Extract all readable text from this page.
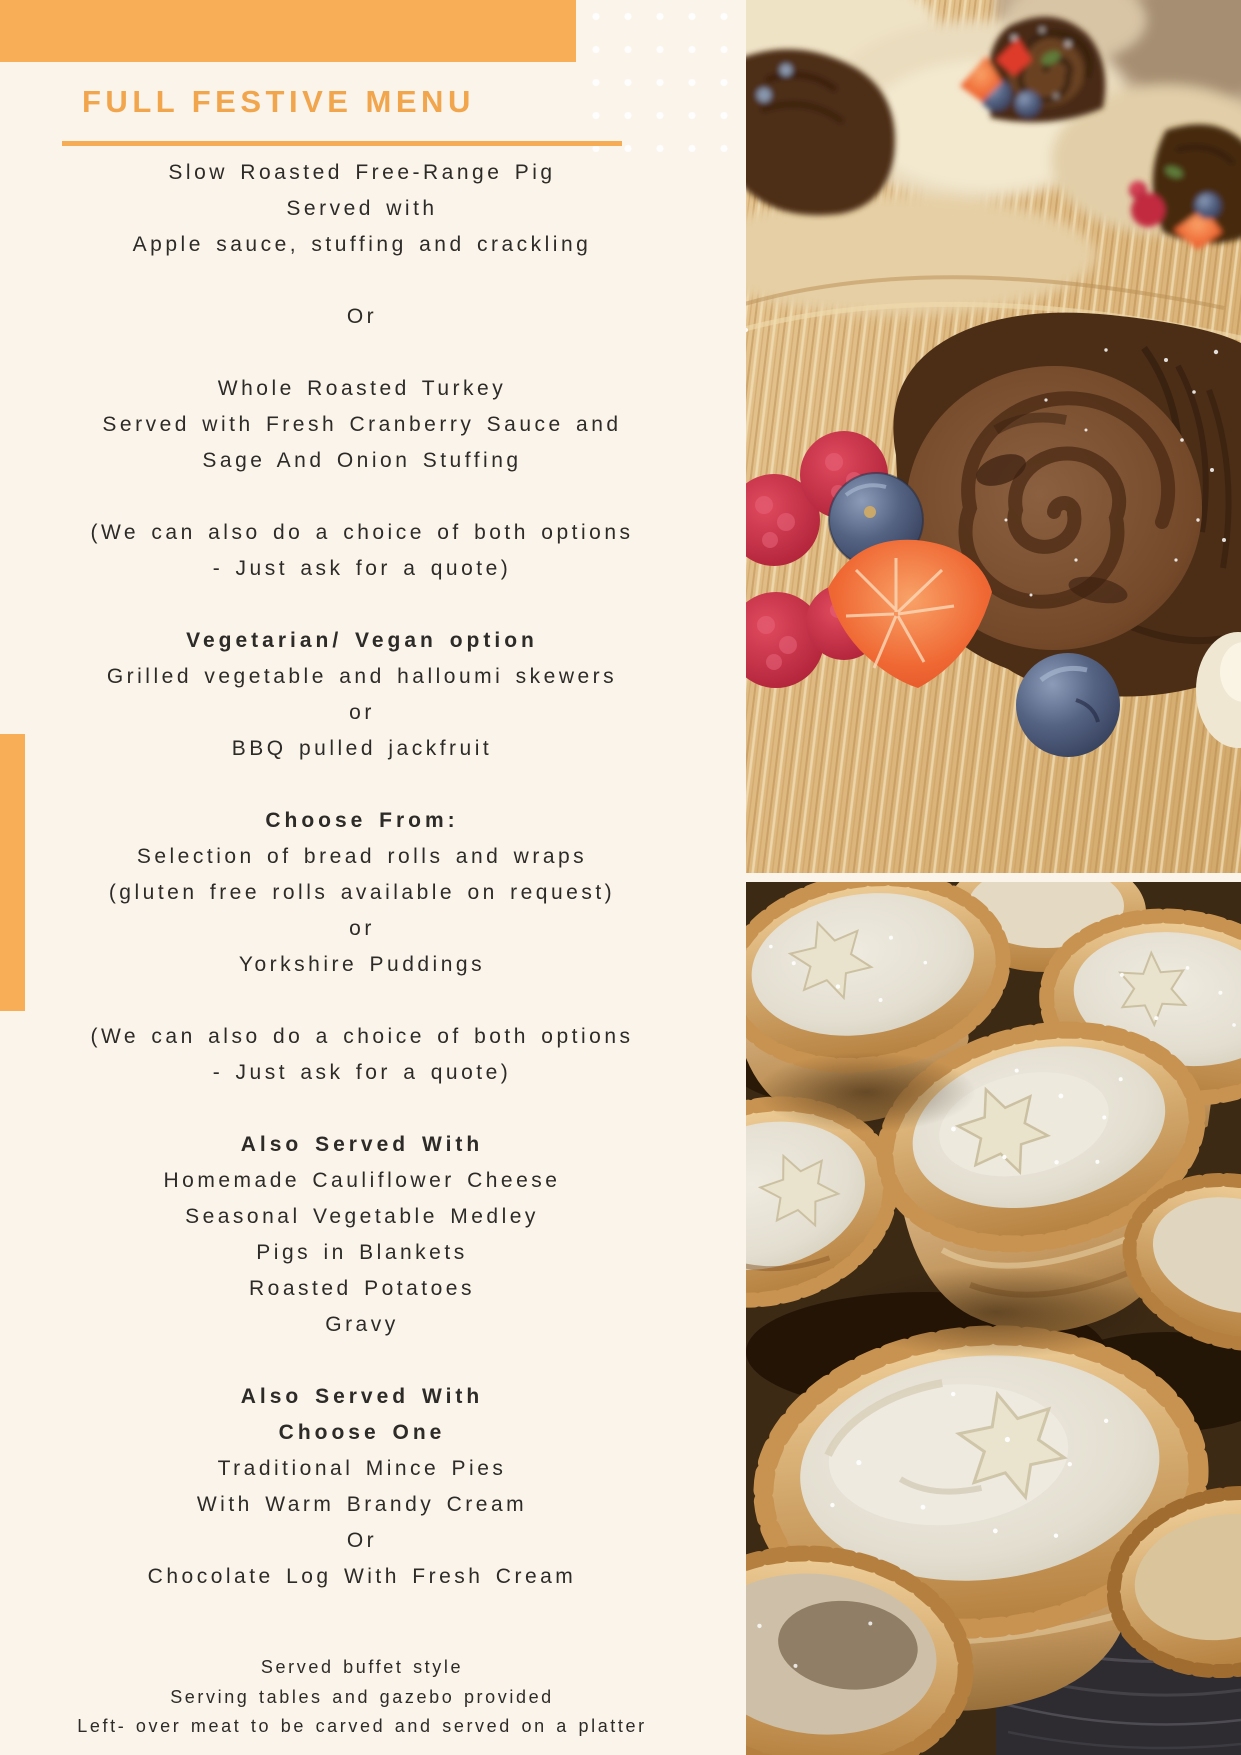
FULL FESTIVE MENU
Slow Roasted Free-Range Pig
Served with
Apple sauce, stuffing and crackling
Or
Whole Roasted Turkey
Served with Fresh Cranberry Sauce and
Sage And Onion Stuffing
(We can also do a choice of both options
- Just ask for a quote)
Vegetarian/ Vegan option
Grilled vegetable and halloumi skewers
or
BBQ pulled jackfruit
Choose From:
Selection of bread rolls and wraps
(gluten free rolls available on request)
or
Yorkshire Puddings
(We can also do a choice of both options
- Just ask for a quote)
Also Served With
Homemade Cauliflower Cheese
Seasonal Vegetable Medley
Pigs in Blankets
Roasted Potatoes
Gravy
Also Served With
Choose One
Traditional Mince Pies
With Warm Brandy Cream
Or
Chocolate Log With Fresh Cream
Served buffet style
Serving tables and gazebo provided
Left- over meat to be carved and served on a platter
